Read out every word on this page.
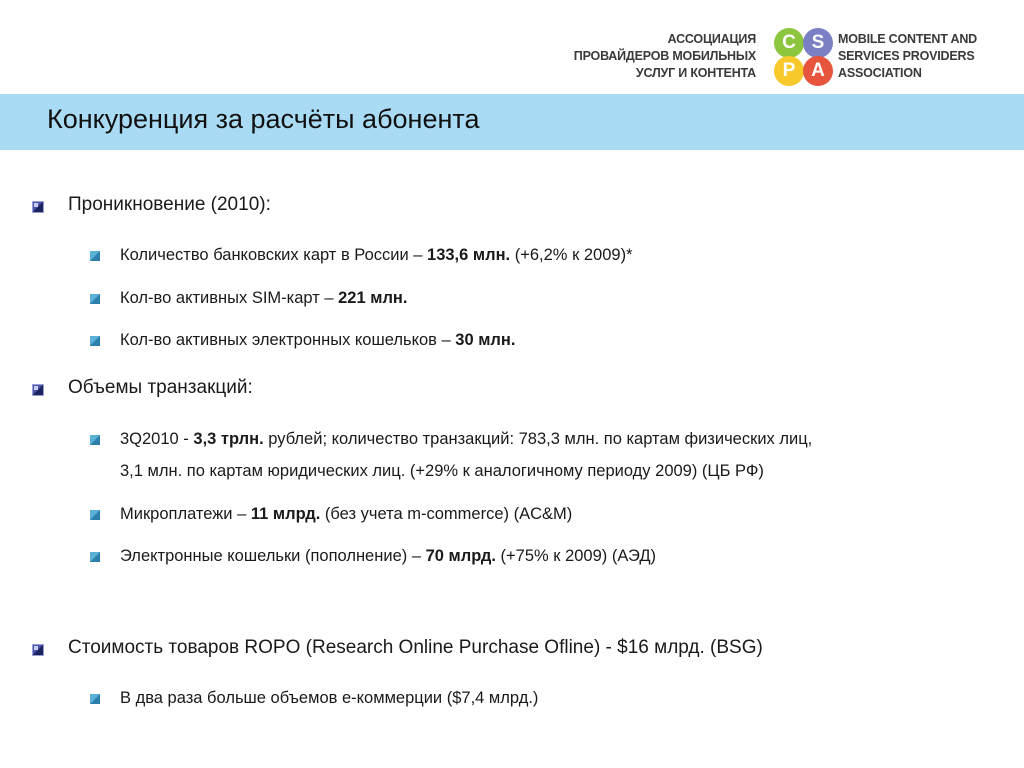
АССОЦИАЦИЯ
ПРОВАЙДЕРОВ МОБИЛЬНЫХ
УСЛУГ И КОНТЕНТА
C S
P A
MOBILE CONTENT AND
SERVICES PROVIDERS
ASSOCIATION
Конкуренция за расчёты абонента

Проникновение (2010):

Количество банковских карт в России – 133,6 млн. (+6,2% к 2009)*

Кол-во активных SIM-карт – 221 млн.

Кол-во активных электронных кошельков – 30 млн.

Объемы транзакций:

3Q2010 - 3,3 трлн. рублей; количество транзакций: 783,3 млн. по картам физических лиц,
3,1 млн. по картам юридических лиц. (+29% к аналогичному периоду 2009) (ЦБ РФ)

Микроплатежи – 11 млрд. (без учета m-commerce) (AC&M)

Электронные кошельки (пополнение) – 70 млрд. (+75% к 2009) (АЭД)

Стоимость товаров ROPO (Research Online Purchase Ofline) - $16 млрд. (BSG)

В два раза больше объемов е-коммерции ($7,4 млрд.)
